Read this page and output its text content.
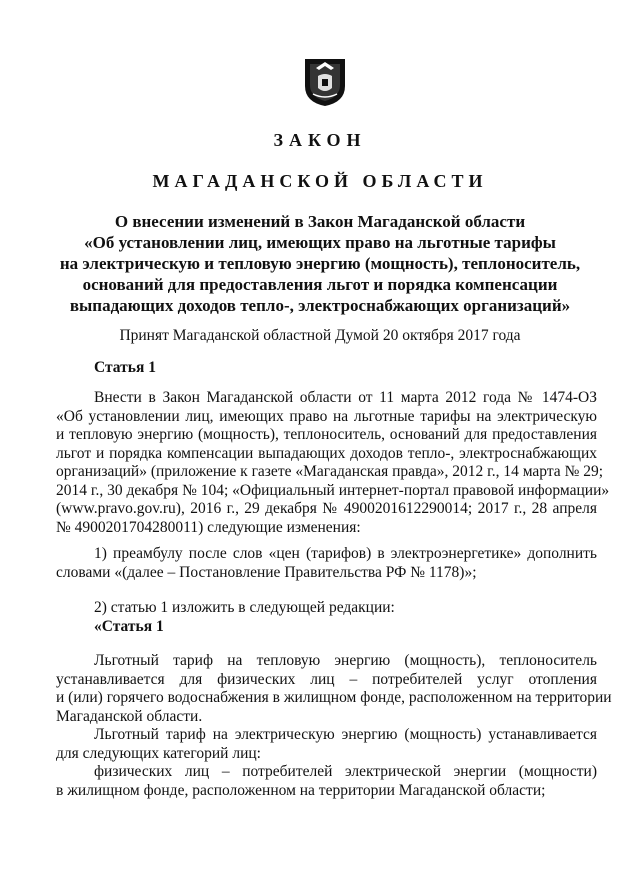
ЗАКОН
МАГАДАНСКОЙ ОБЛАСТИ
О внесении изменений в Закон Магаданской области
«Об установлении лиц, имеющих право на льготные тарифы
на электрическую и тепловую энергию (мощность), теплоноситель,
оснований для предоставления льгот и порядка компенсации
выпадающих доходов тепло-, электроснабжающих организаций»
Принят Магаданской областной Думой 20 октября 2017 года
Статья 1
Внести в Закон Магаданской области от 11 марта 2012 года № 1474-ОЗ
«Об установлении лиц, имеющих право на льготные тарифы на электрическую
и тепловую энергию (мощность), теплоноситель, оснований для предоставления
льгот и порядка компенсации выпадающих доходов тепло-, электроснабжающих
организаций» (приложение к газете «Магаданская правда», 2012 г., 14 марта № 29;
2014 г., 30 декабря № 104; «Официальный интернет-портал правовой информации»
(www.pravo.gov.ru), 2016 г., 29 декабря № 4900201612290014; 2017 г., 28 апреля
№ 4900201704280011) следующие изменения:
1) преамбулу после слов «цен (тарифов) в электроэнергетике» дополнить
словами «(далее – Постановление Правительства РФ № 1178)»;
2) статью 1 изложить в следующей редакции:
«Статья 1
Льготный тариф на тепловую энергию (мощность), теплоноситель
устанавливается для физических лиц – потребителей услуг отопления
и (или) горячего водоснабжения в жилищном фонде, расположенном на территории
Магаданской области.
Льготный тариф на электрическую энергию (мощность) устанавливается
для следующих категорий лиц:
физических лиц – потребителей электрической энергии (мощности)
в жилищном фонде, расположенном на территории Магаданской области;
